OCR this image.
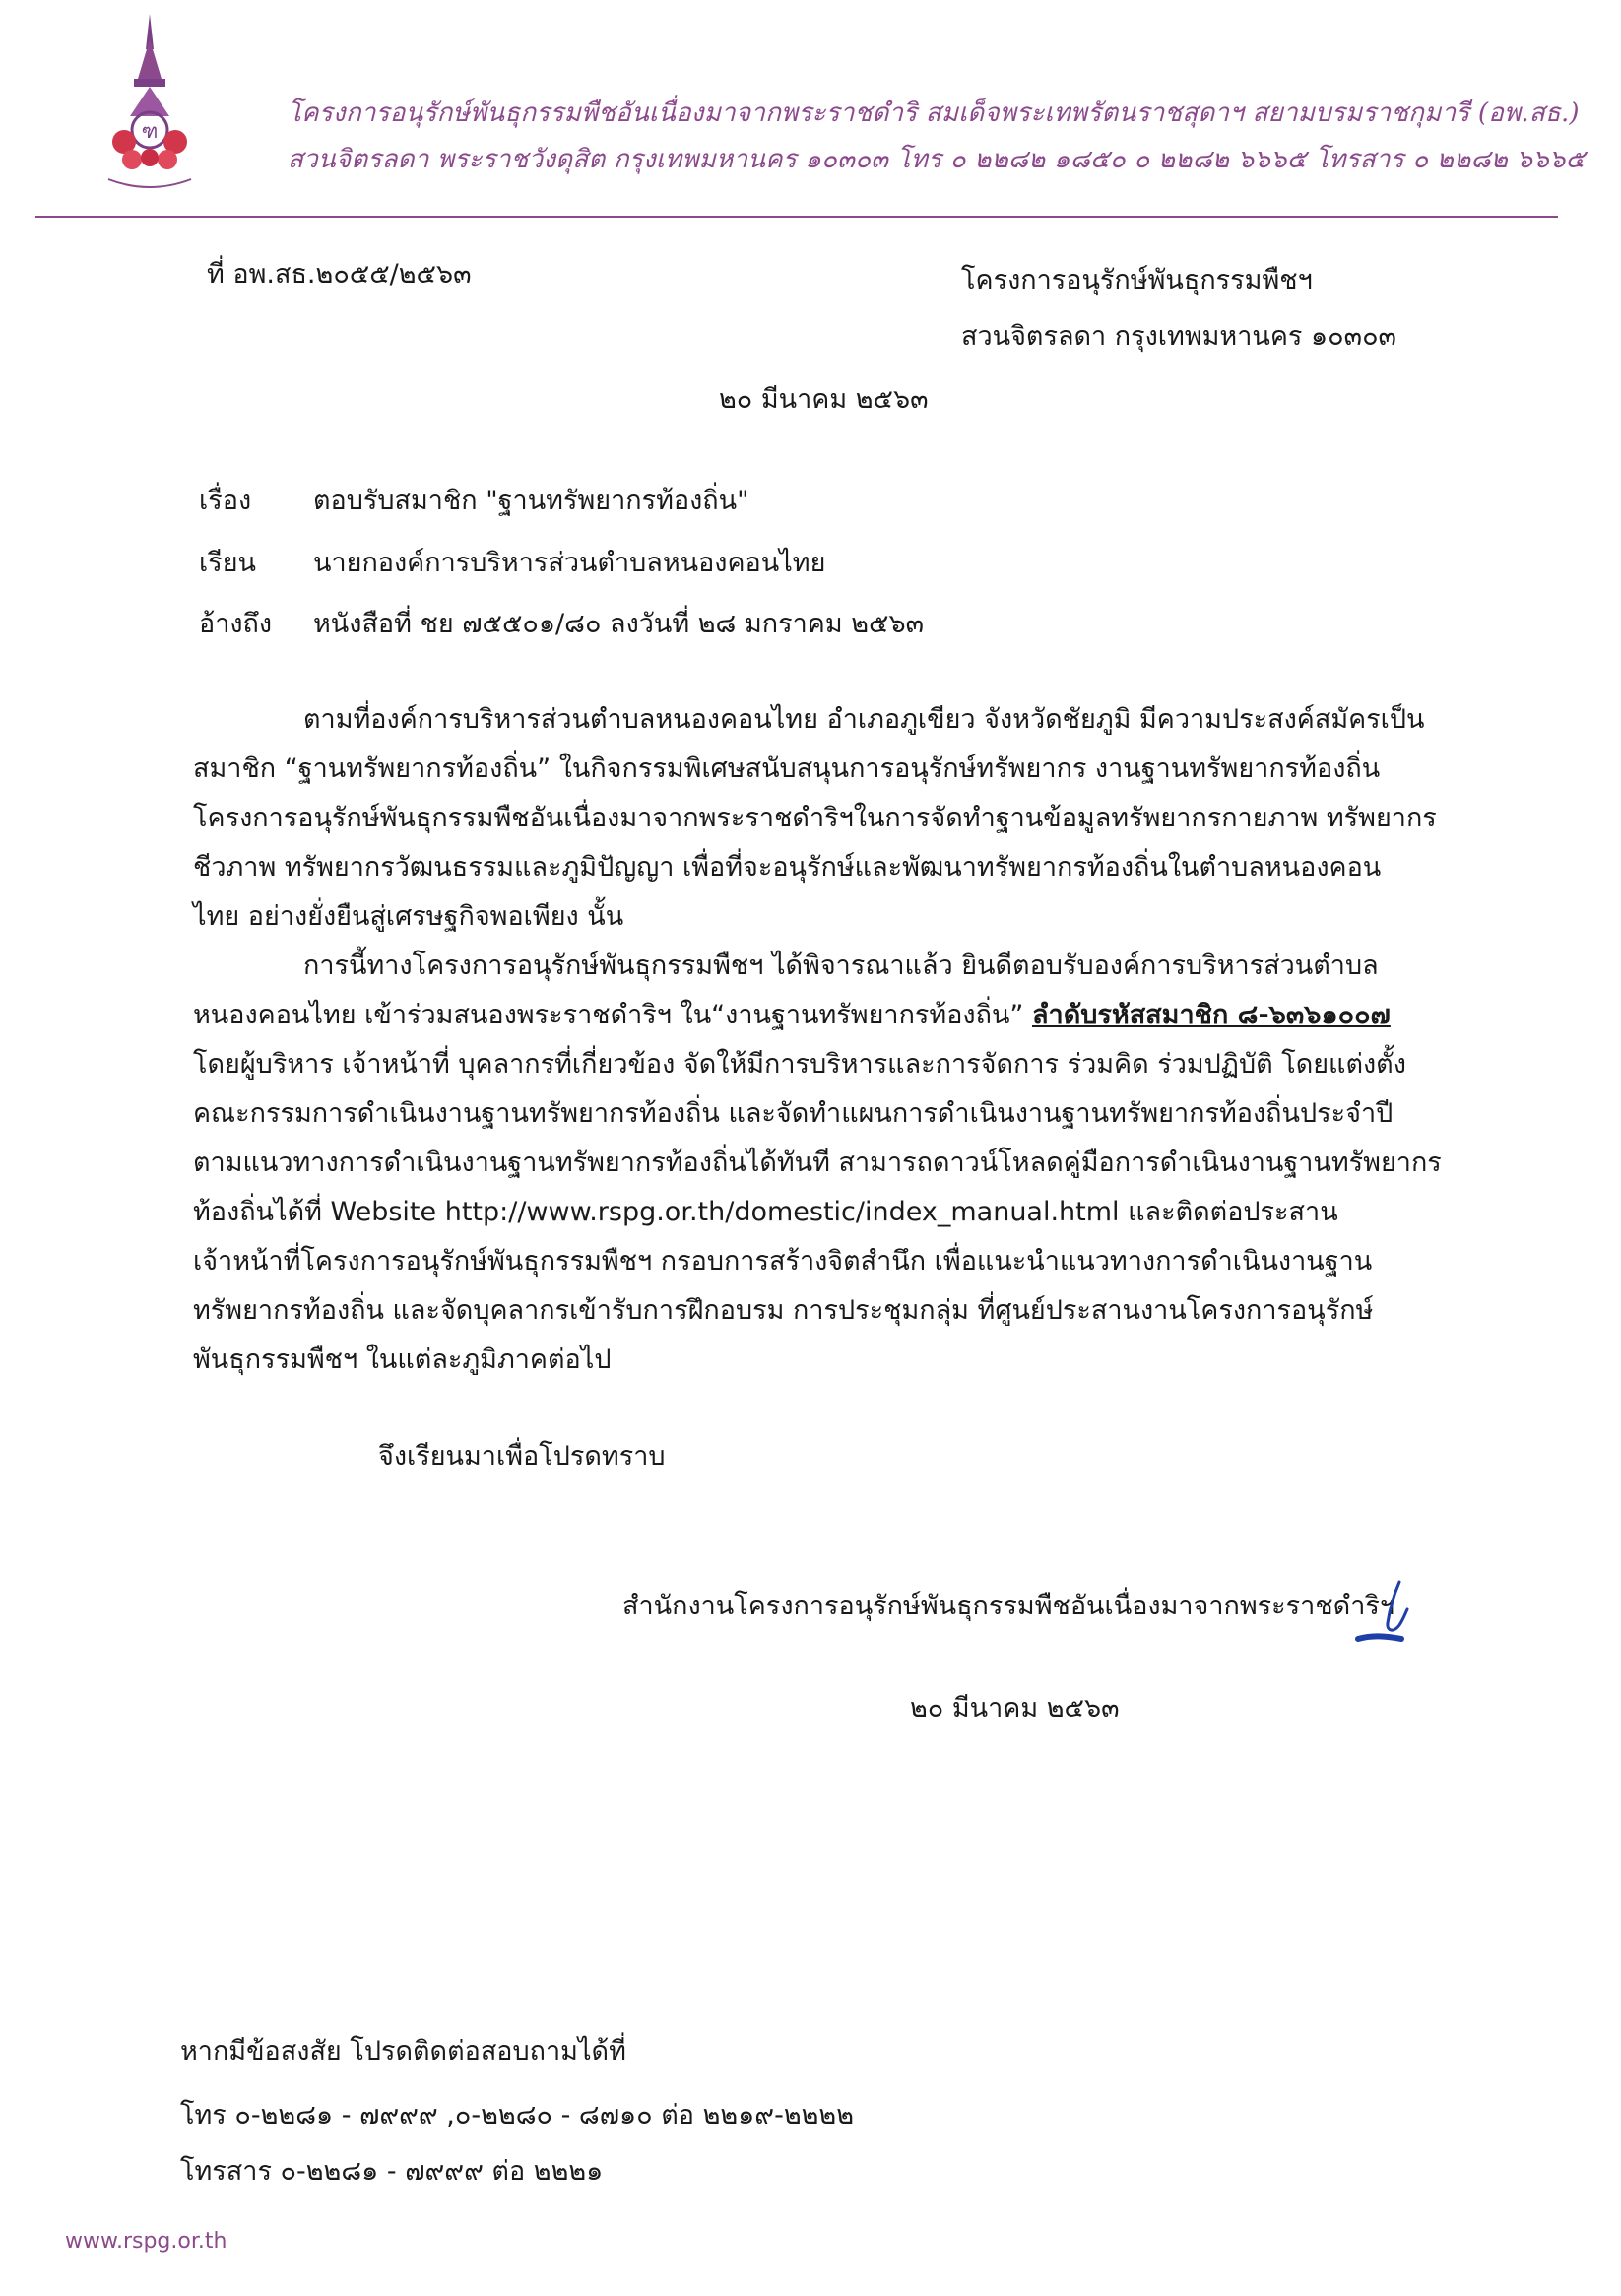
ฑ
โครงการอนุรักษ์พันธุกรรมพืชอันเนื่องมาจากพระราชดำริ สมเด็จพระเทพรัตนราชสุดาฯ สยามบรมราชกุมารี (อพ.สธ.)
สวนจิตรลดา พระราชวังดุสิต กรุงเทพมหานคร ๑๐๓๐๓ โทร ๐ ๒๒๘๒ ๑๘๕๐ ๐ ๒๒๘๒ ๖๖๖๕ โทรสาร ๐ ๒๒๘๒ ๖๖๖๕
ที่ อพ.สธ.๒๐๕๕/๒๕๖๓	โครงการอนุรักษ์พันธุกรรมพืชฯ
สวนจิตรลดา กรุงเทพมหานคร ๑๐๓๐๓
๒๐ มีนาคม ๒๕๖๓
เรื่อง ตอบรับสมาชิก "ฐานทรัพยากรท้องถิ่น"
เรียน นายกองค์การบริหารส่วนตำบลหนองคอนไทย
อ้างถึง หนังสือที่ ชย ๗๕๕๐๑/๘๐ ลงวันที่ ๒๘ มกราคม ๒๕๖๓
ตามที่องค์การบริหารส่วนตำบลหนองคอนไทย อำเภอภูเขียว จังหวัดชัยภูมิ มีความประสงค์สมัครเป็น
สมาชิก “ฐานทรัพยากรท้องถิ่น” ในกิจกรรมพิเศษสนับสนุนการอนุรักษ์ทรัพยากร งานฐานทรัพยากรท้องถิ่น
โครงการอนุรักษ์พันธุกรรมพืชอันเนื่องมาจากพระราชดำริฯในการจัดทำฐานข้อมูลทรัพยากรกายภาพ ทรัพยากร
ชีวภาพ ทรัพยากรวัฒนธรรมและภูมิปัญญา เพื่อที่จะอนุรักษ์และพัฒนาทรัพยากรท้องถิ่นในตำบลหนองคอน
ไทย อย่างยั่งยืนสู่เศรษฐกิจพอเพียง นั้น
การนี้ทางโครงการอนุรักษ์พันธุกรรมพืชฯ ได้พิจารณาแล้ว ยินดีตอบรับองค์การบริหารส่วนตำบล
หนองคอนไทย เข้าร่วมสนองพระราชดำริฯ ใน“งานฐานทรัพยากรท้องถิ่น” ลำดับรหัสสมาชิก ๘-๖๓๖๑๐๐๗
โดยผู้บริหาร เจ้าหน้าที่ บุคลากรที่เกี่ยวข้อง จัดให้มีการบริหารและการจัดการ ร่วมคิด ร่วมปฏิบัติ โดยแต่งตั้ง
คณะกรรมการดำเนินงานฐานทรัพยากรท้องถิ่น และจัดทำแผนการดำเนินงานฐานทรัพยากรท้องถิ่นประจำปี
ตามแนวทางการดำเนินงานฐานทรัพยากรท้องถิ่นได้ทันที สามารถดาวน์โหลดคู่มือการดำเนินงานฐานทรัพยากร
ท้องถิ่นได้ที่ Website http://www.rspg.or.th/domestic/index_manual.html และติดต่อประสาน
เจ้าหน้าที่โครงการอนุรักษ์พันธุกรรมพืชฯ กรอบการสร้างจิตสำนึก เพื่อแนะนำแนวทางการดำเนินงานฐาน
ทรัพยากรท้องถิ่น และจัดบุคลากรเข้ารับการฝึกอบรม การประชุมกลุ่ม ที่ศูนย์ประสานงานโครงการอนุรักษ์
พันธุกรรมพืชฯ ในแต่ละภูมิภาคต่อไป
จึงเรียนมาเพื่อโปรดทราบ
สำนักงานโครงการอนุรักษ์พันธุกรรมพืชอันเนื่องมาจากพระราชดำริฯ
๒๐ มีนาคม ๒๕๖๓
หากมีข้อสงสัย โปรดติดต่อสอบถามได้ที่
โทร ๐-๒๒๘๑ - ๗๙๙๙ ,๐-๒๒๘๐ - ๘๗๑๐ ต่อ ๒๒๑๙-๒๒๒๒
โทรสาร ๐-๒๒๘๑ - ๗๙๙๙ ต่อ ๒๒๒๑
www.rspg.or.th
